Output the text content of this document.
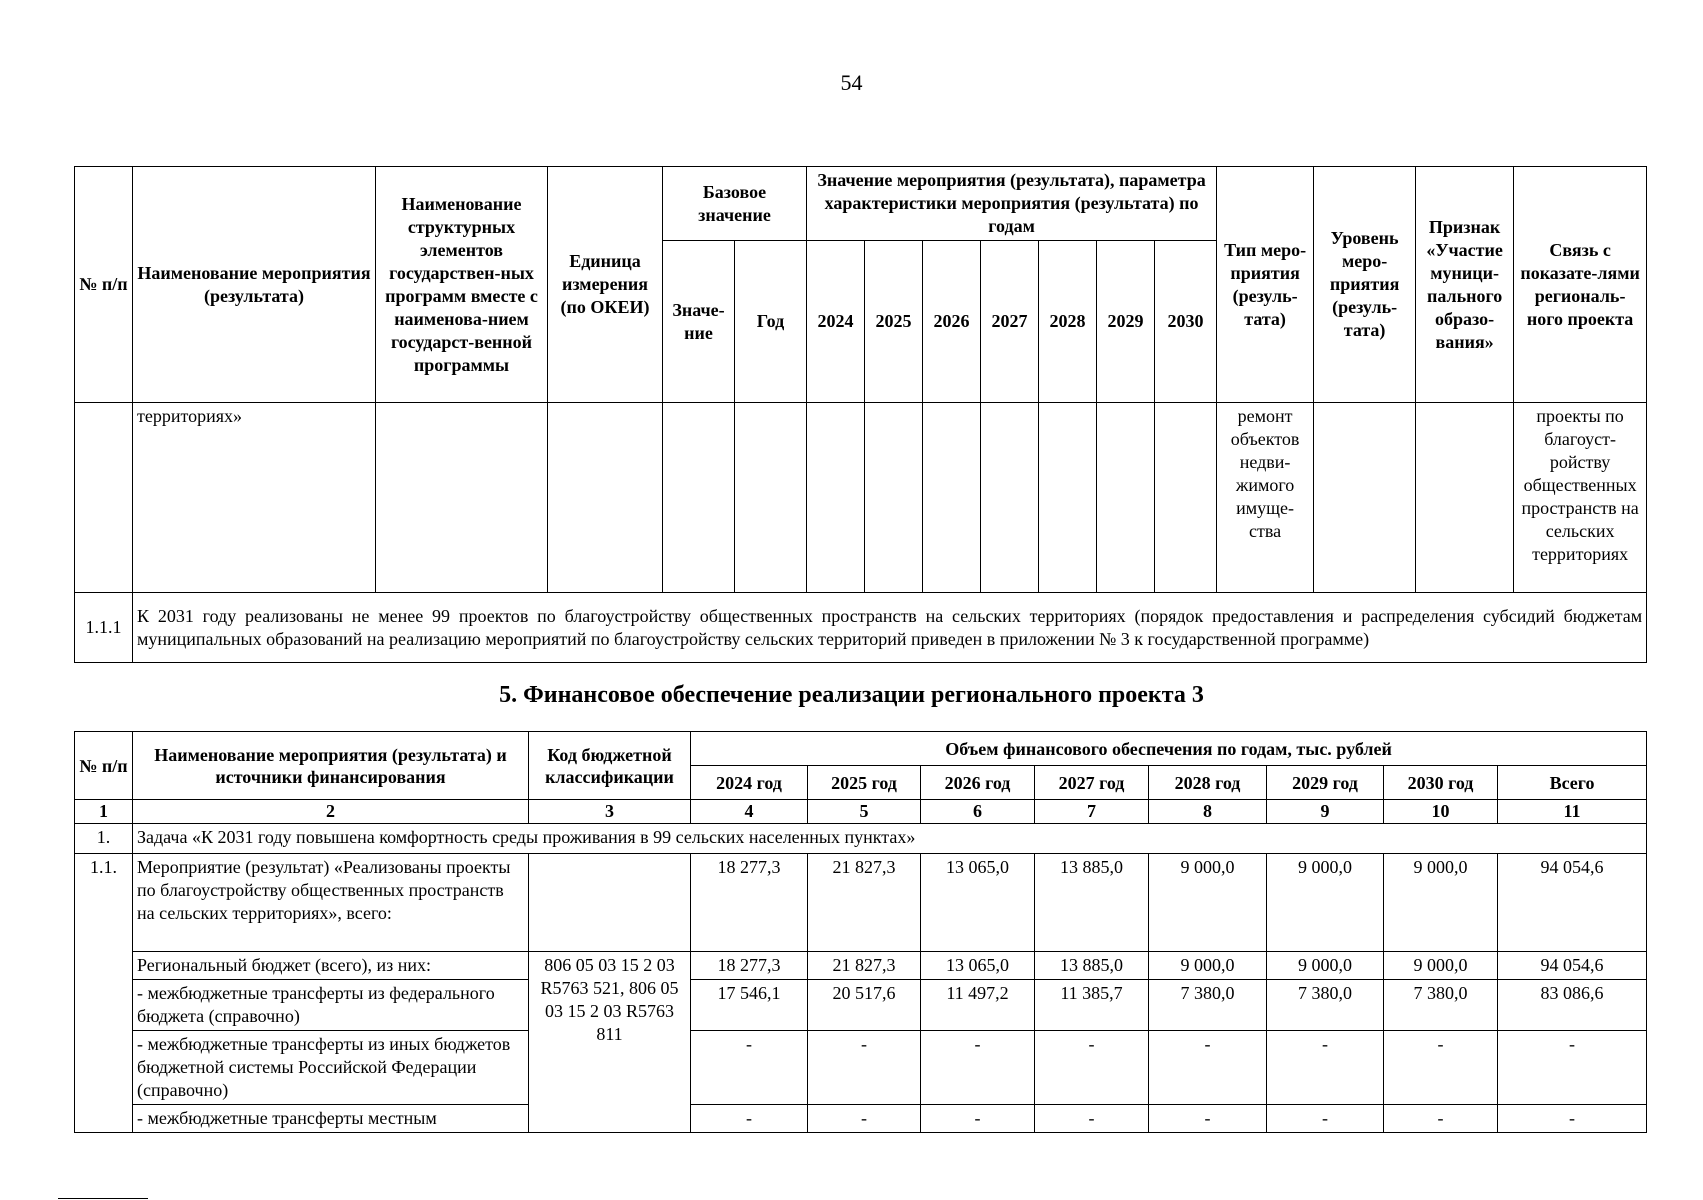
54
№ п/п	Наименование мероприятия (результата)	Наименование структурных элементов государствен-ных программ вместе с наименова-нием государст-венной программы	Единица измерения (по ОКЕИ)	Базовое значение		Значение мероприятия (результата), параметра характеристики мероприятия (результата) по годам							Тип меро-приятия (резуль-тата)	Уровень меро-приятия (резуль-тата)	Признак «Участие муници-пального образо-вания»	Связь с показате-лями региональ-ного проекта
				Значе-ние	Год	2024	2025	2026	2027	2028	2029	2030				
	территориях»												ремонт объектов недви-жимого имуще-ства			проекты по благоуст-ройству общественных пространств на сельских территориях
1.1.1	К 2031 году реализованы не менее 99 проектов по благоустройству общественных пространств на сельских территориях (порядок предоставления и распределения субсидий бюджетам муниципальных образований на реализацию мероприятий по благоустройству сельских территорий приведен в приложении № 3 к государственной программе)															
5. Финансовое обеспечение реализации регионального проекта 3
№ п/п	Наименование мероприятия (результата) и источники финансирования	Код бюджетной классификации	Объем финансового обеспечения по годам, тыс. рублей							
			2024 год	2025 год	2026 год	2027 год	2028 год	2029 год	2030 год	Всего
1	2	3	4	5	6	7	8	9	10	11
1.	Задача «К 2031 году повышена комфортность среды проживания в 99 сельских населенных пунктах»									
1.1.	Мероприятие (результат) «Реализованы проекты по благоустройству общественных пространств на сельских территориях», всего:		18 277,3	21 827,3	13 065,0	13 885,0	9 000,0	9 000,0	9 000,0	94 054,6
	Региональный бюджет (всего), из них:	806 05 03 15 2 03 R5763 521, 806 05 03 15 2 03 R5763 811	18 277,3	21 827,3	13 065,0	13 885,0	9 000,0	9 000,0	9 000,0	94 054,6
	- межбюджетные трансферты из федерального бюджета (справочно)		17 546,1	20 517,6	11 497,2	11 385,7	7 380,0	7 380,0	7 380,0	83 086,6
	- межбюджетные трансферты из иных бюджетов бюджетной системы Российской Федерации (справочно)		-	-	-	-	-	-	-	-
	- межбюджетные трансферты местным		-	-	-	-	-	-	-	-
